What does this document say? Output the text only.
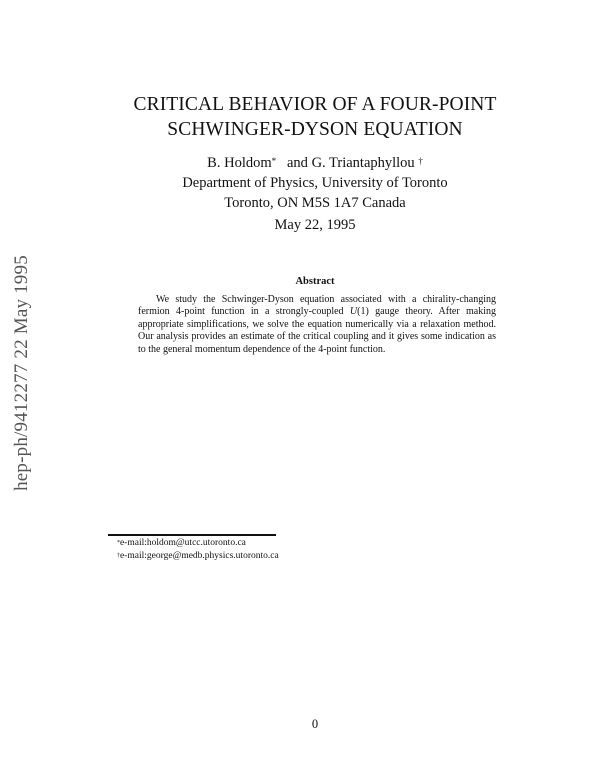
hep-ph/9412277 22 May 1995
CRITICAL BEHAVIOR OF A FOUR-POINT
SCHWINGER-DYSON EQUATION
B. Holdom* and G. Triantaphyllou †
Department of Physics, University of Toronto
Toronto, ON M5S 1A7 Canada
May 22, 1995
Abstract
We study the Schwinger-Dyson equation associated with a chirality-changing fermion 4-point function in a strongly-coupled U(1) gauge theory. After making appropriate simplifications, we solve the equation numerically via a relaxation method. Our analysis provides an estimate of the critical coupling and it gives some indication as to the general momentum dependence of the 4-point function.
*e-mail:holdom@utcc.utoronto.ca
†e-mail:george@medb.physics.utoronto.ca
0
